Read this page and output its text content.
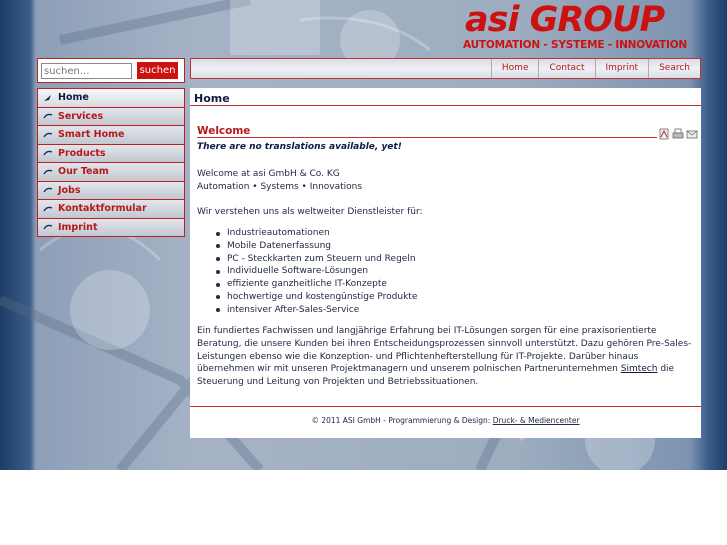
asi GROUP
AUTOMATION - SYSTEME - INNOVATION
suchen...
suchen	Home	Contact	Imprint	Search
Home
Services
Smart Home
Products
Our Team
Jobs
Kontaktformular
Imprint
Home
Welcome
There are no translations available, yet!
Welcome at asi GmbH & Co. KG
Automation • Systems • Innovations
Wir verstehen uns als weltweiter Dienstleister für:
Industrieautomationen
Mobile Datenerfassung
PC - Steckkarten zum Steuern und Regeln
Individuelle Software-Lösungen
effiziente ganzheitliche IT-Konzepte
hochwertige und kostengünstige Produkte
intensiver After-Sales-Service
Ein fundiertes Fachwissen und langjährige Erfahrung bei IT-Lösungen sorgen für eine praxisorientierte Beratung, die unsere Kunden bei ihren Entscheidungsprozessen sinnvoll unterstützt. Dazu gehören Pre-Sales-Leistungen ebenso wie die Konzeption- und Pflichtenhefterstellung für IT-Projekte. Darüber hinaus übernehmen wir mit unseren Projektmanagern und unserem polnischen Partnerunternehmen Simtech die Steuerung und Leitung von Projekten und Betriebssituationen.
© 2011 ASI GmbH - Programmierung & Design: Druck- & Mediencenter
